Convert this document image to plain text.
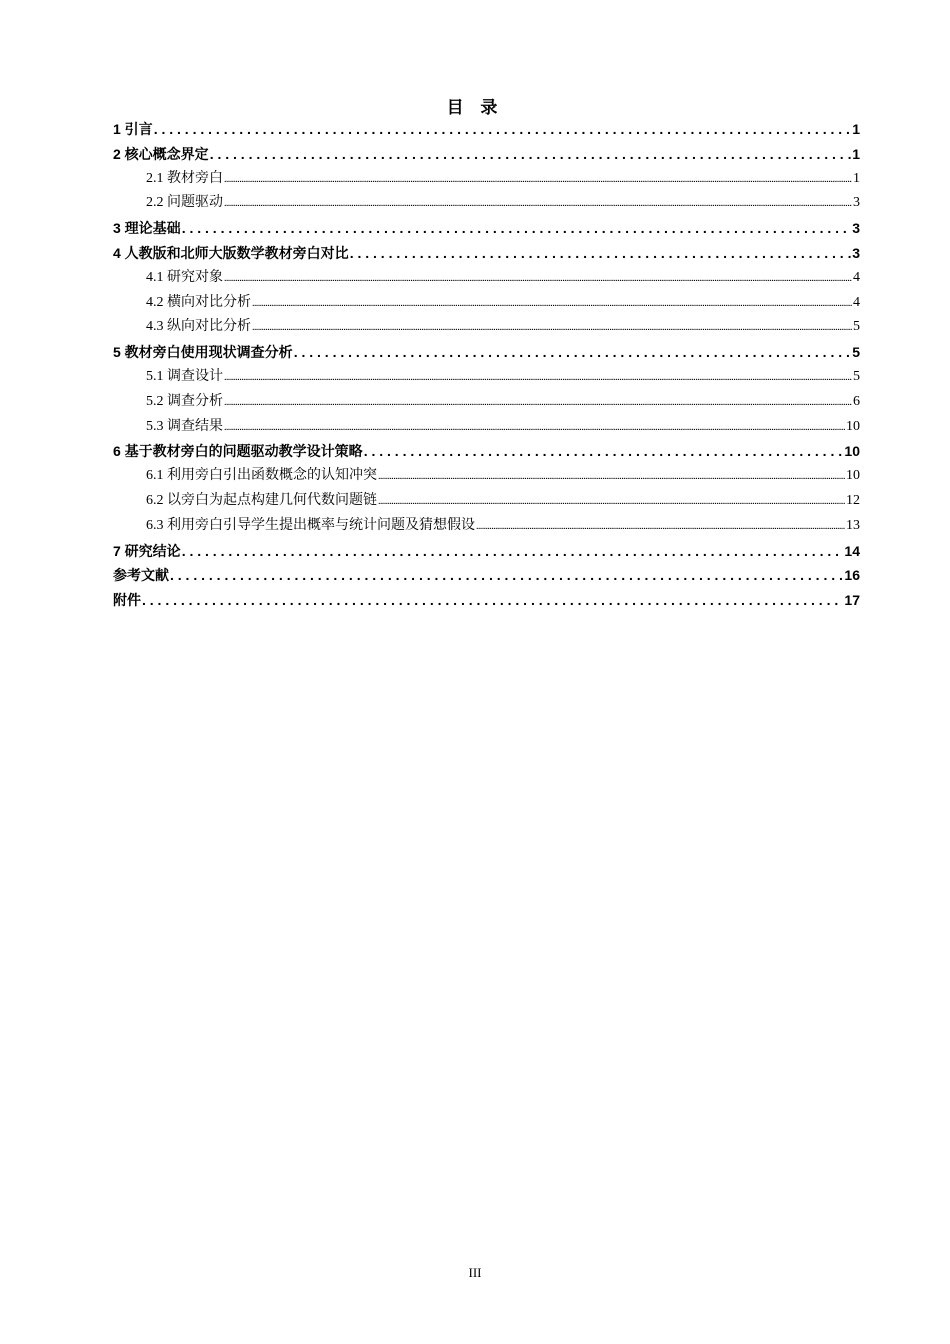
目 录
1 引言 . . .	1
2 核心概念界定 . . .	1
2.1 教材旁白 .....	1
2.2 问题驱动 .....	3
3 理论基础 . . .	3
4 人教版和北师大版数学教材旁白对比 . . .	3
4.1 研究对象 .....	4
4.2 横向对比分析 .....	4
4.3 纵向对比分析 .....	5
5 教材旁白使用现状调查分析 . . .	5
5.1 调查设计 .....	5
5.2 调查分析 .....	6
5.3 调查结果 .....	10
6 基于教材旁白的问题驱动教学设计策略 . . .	10
6.1 利用旁白引出函数概念的认知冲突 .....	10
6.2 以旁白为起点构建几何代数问题链 .....	12
6.3 利用旁白引导学生提出概率与统计问题及猜想假设 .....	13
7 研究结论 . . .	14
参考文献 . . .	16
附件 . . .	17
III
